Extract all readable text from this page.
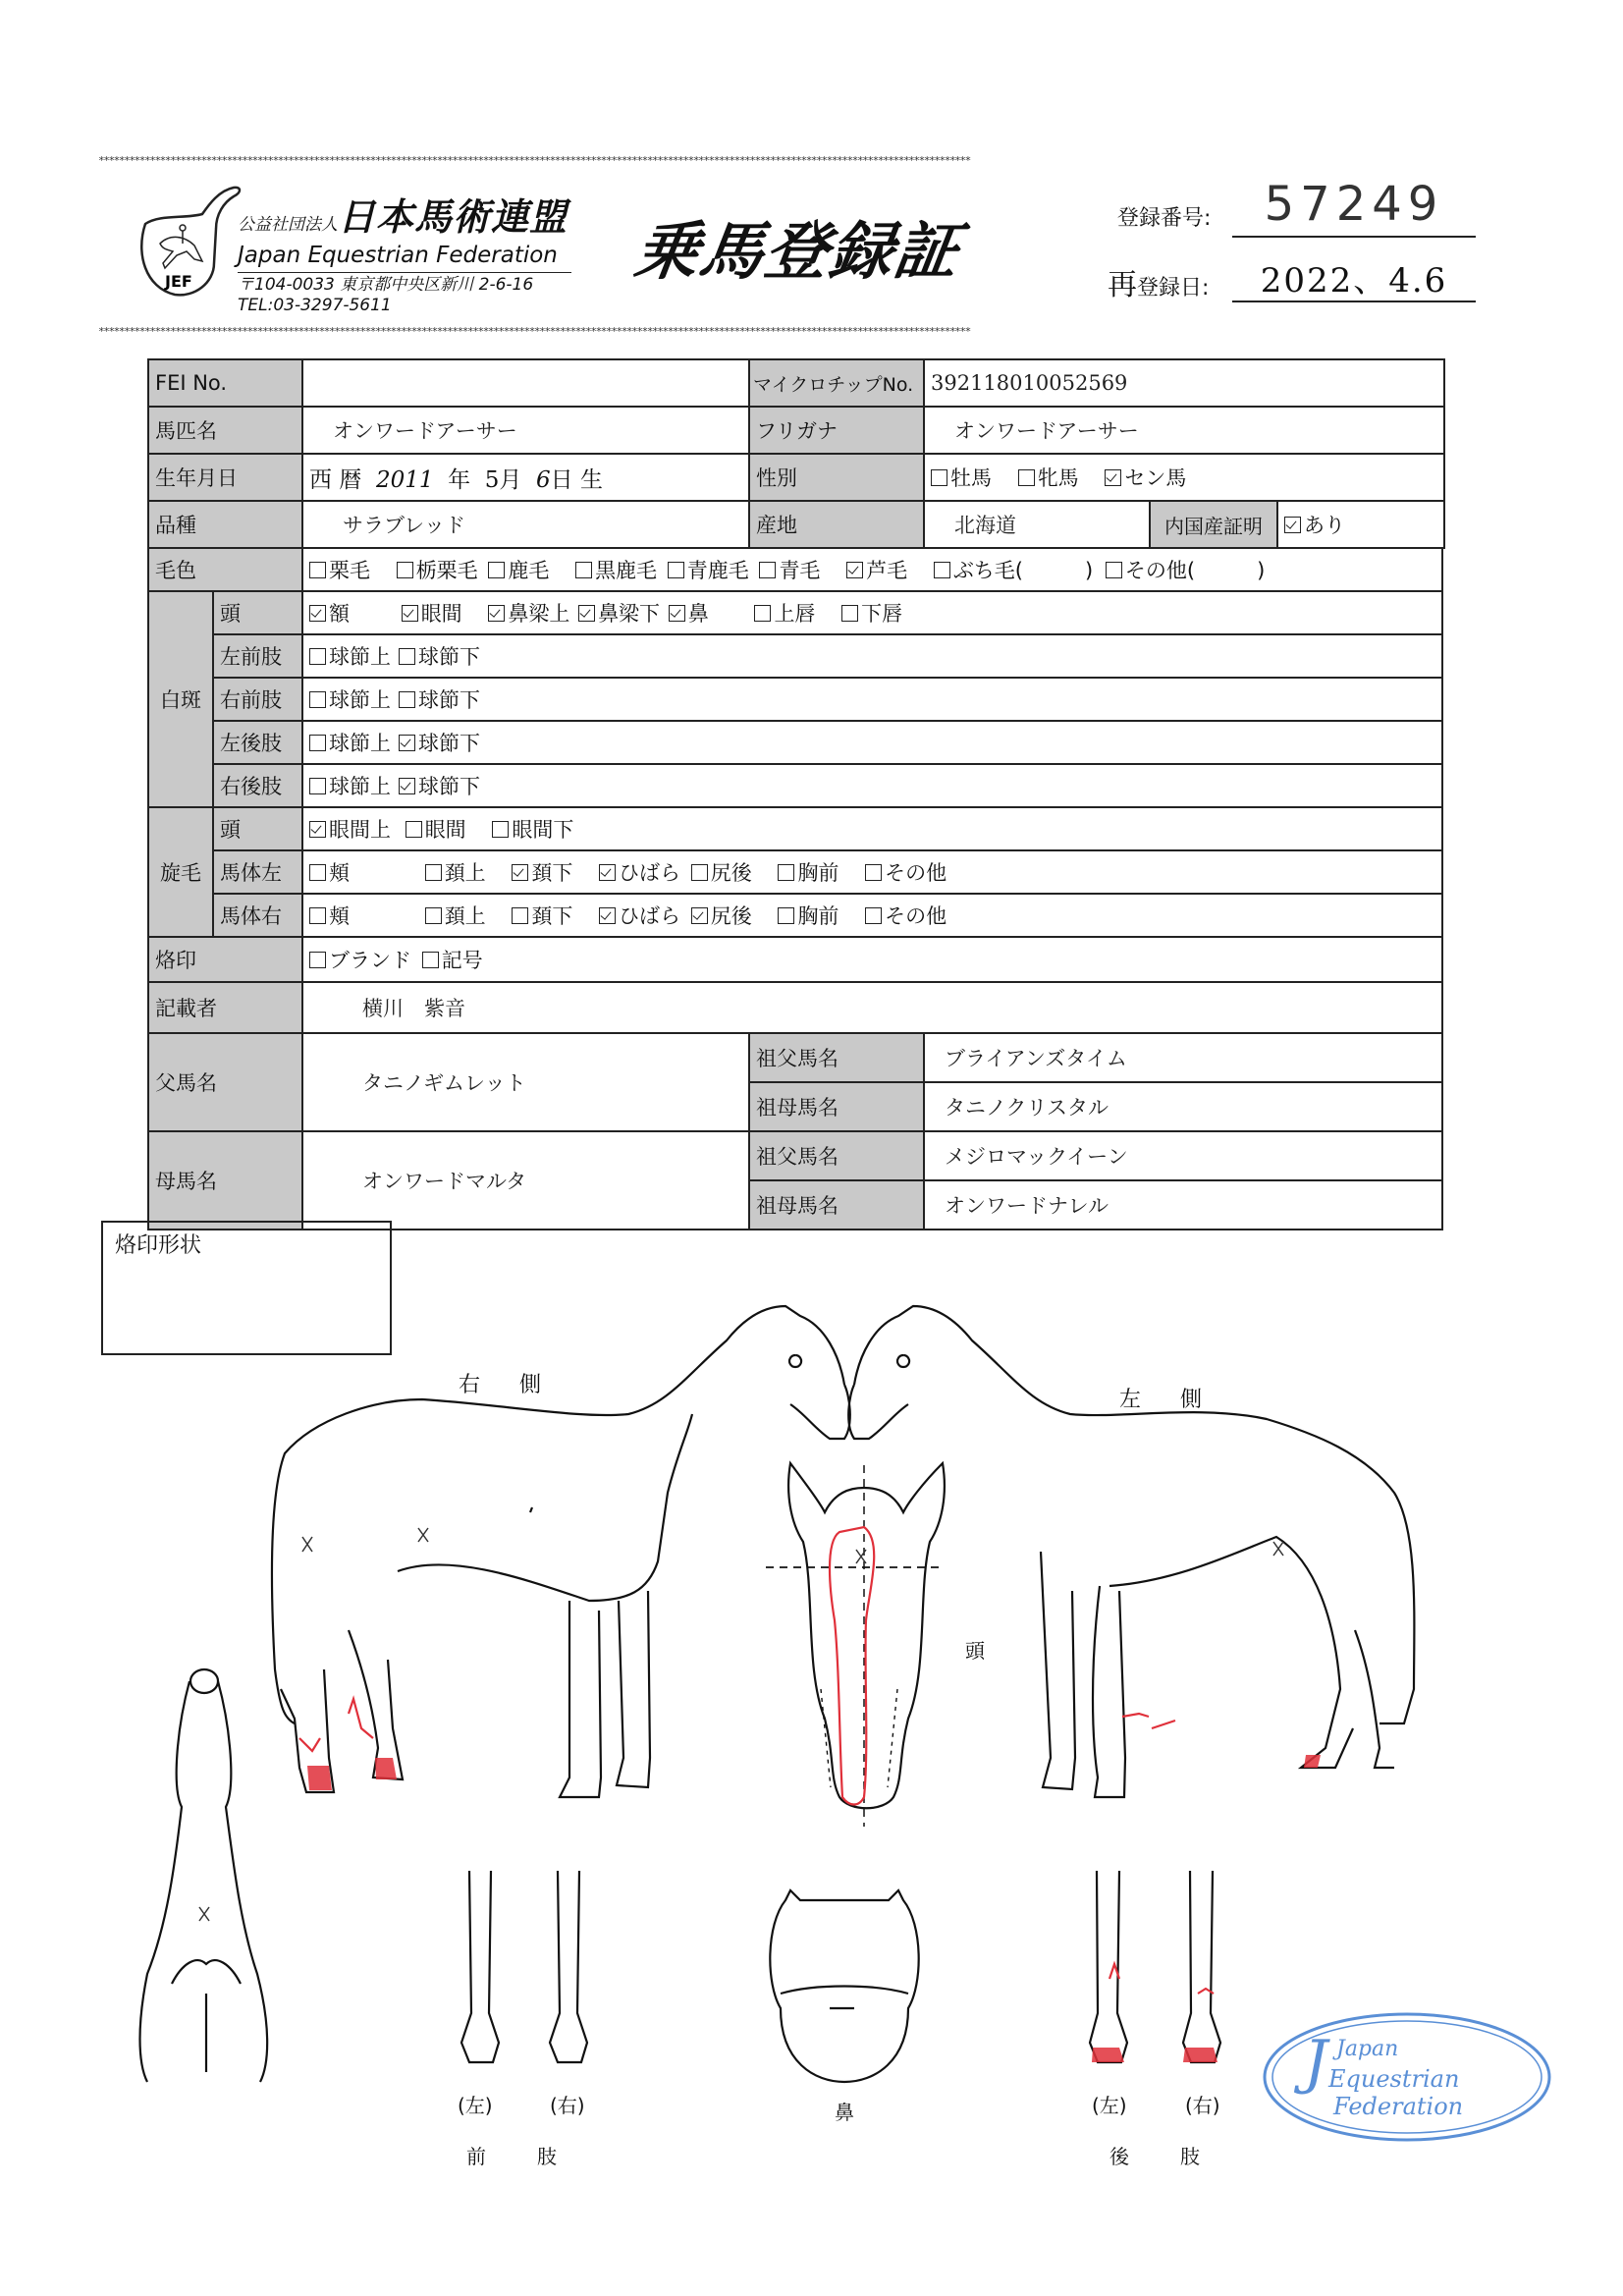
**************************************************************************************************************************************************************************
JEF
公益社団法人日本馬術連盟
Japan Equestrian Federation
〒104-0033 東京都中央区新川 2-6-16
TEL:03-3297-5611
乗馬登録証	登録番号:	57249
再登録日:	2022、4.6
**************************************************************************************************************************************************************************
FEI No.		マイクロチップNo.	392118010052569		
馬匹名	オンワードアーサー	フリガナ	オンワードアーサー		
生年月日	西 暦 2011 年 5月 6日 生	性別	牡馬 牝馬 セン馬		
品種	サラブレッド	産地	北海道	内国産証明	あり
毛色		栗毛 栃栗毛 鹿毛 黒鹿毛 青鹿毛 青毛 芦毛 ぶち毛(　　　) その他(　　　)
白斑	頭	額 眼間 鼻梁上 鼻梁下 鼻 上唇 下唇
	左前肢	球節上 球節下
	右前肢	球節上 球節下
	左後肢	球節上 球節下
	右後肢	球節上 球節下
旋毛	頭	眼間上 眼間 眼間下
	馬体左	頬 頚上 頚下 ひばら 尻後 胸前 その他
	馬体右	頬 頚上 頚下 ひばら 尻後 胸前 その他
烙印		ブランド 記号
記載者		横川　紫音
父馬名	タニノギムレット	祖父馬名	ブライアンズタイム
		祖母馬名	タニノクリスタル
母馬名	オンワードマルタ	祖父馬名	メジロマックイーン
		祖母馬名	オンワードナレル
烙印形状
右側
左側
頭
(左)	(右)
前　　肢
鼻	(左)	(右)
後　　肢
J Japan
Equestrian
Federation
